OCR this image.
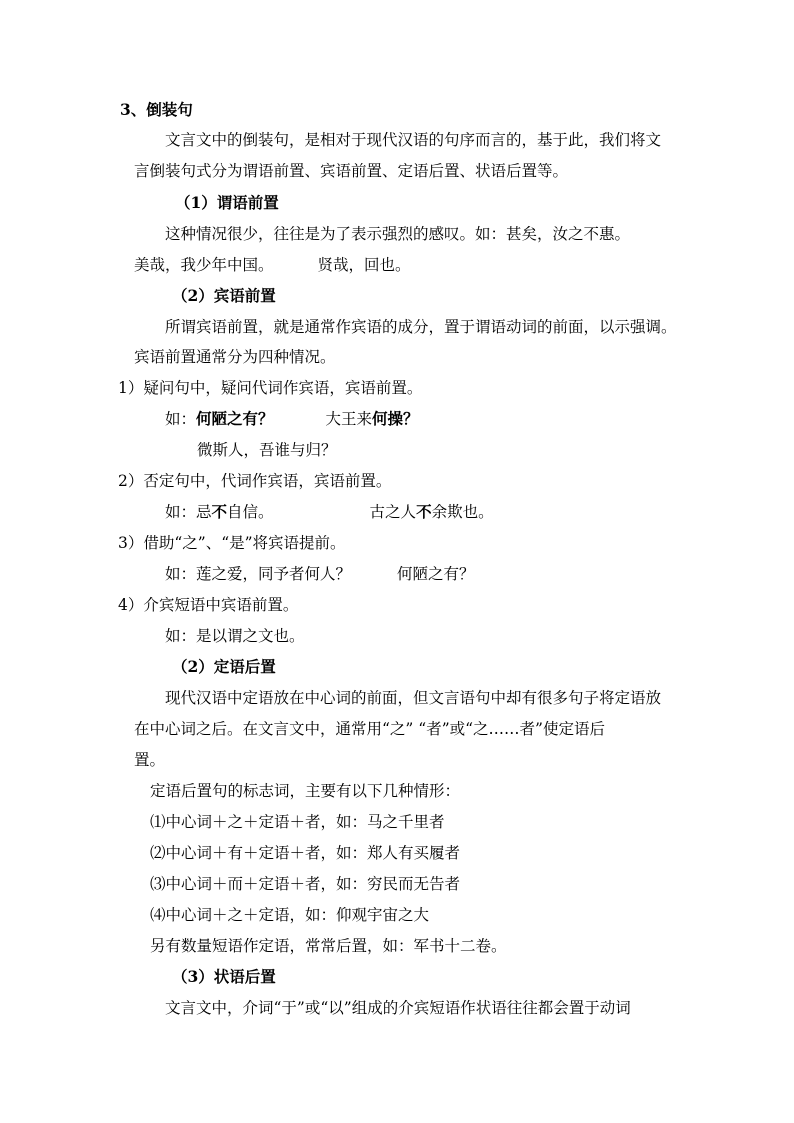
3、倒装句
文言文中的倒装句，是相对于现代汉语的句序而言的，基于此，我们将文
言倒装句式分为谓语前置、宾语前置、定语后置、状语后置等。
（1）谓语前置
这种情况很少，往往是为了表示强烈的感叹。如：甚矣，汝之不惠。
美哉，我少年中国。	贤哉，回也。
（2）宾语前置
所谓宾语前置，就是通常作宾语的成分，置于谓语动词的前面，以示强调。
宾语前置通常分为四种情况。
1）疑问句中，疑问代词作宾语，宾语前置。
如：何陋之有？	大王来何操？
微斯人，吾谁与归？
2）否定句中，代词作宾语，宾语前置。
如：忌不自信。	古之人不余欺也。
3）借助“之”、“是”将宾语提前。
如：莲之爱，同予者何人？	何陋之有？
4）介宾短语中宾语前置。
如：是以谓之文也。
（2）定语后置
现代汉语中定语放在中心词的前面，但文言语句中却有很多句子将定语放
在中心词之后。在文言文中，通常用“之” “者”或“之……者”使定语后
置。
定语后置句的标志词，主要有以下几种情形：
⑴中心词＋之＋定语＋者，如：马之千里者
⑵中心词＋有＋定语＋者，如：郑人有买履者
⑶中心词＋而＋定语＋者，如：穷民而无告者
⑷中心词＋之＋定语，如：仰观宇宙之大
另有数量短语作定语，常常后置，如：军书十二卷。
（3）状语后置
文言文中，介词“于”或“以”组成的介宾短语作状语往往都会置于动词
